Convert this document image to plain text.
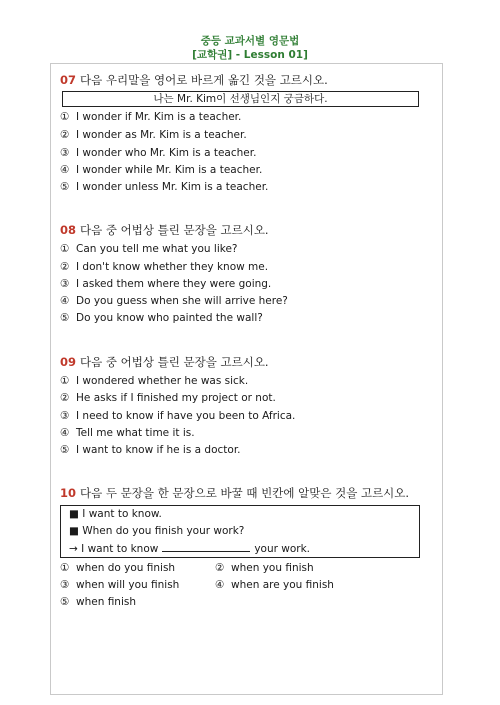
중등 교과서별 영문법
[교학권] - Lesson 01]
07 다음 우리말을 영어로 바르게 옮긴 것을 고르시오.
나는 Mr. Kim이 선생님인지 궁금하다.
① I wonder if Mr. Kim is a teacher.
② I wonder as Mr. Kim is a teacher.
③ I wonder who Mr. Kim is a teacher.
④ I wonder while Mr. Kim is a teacher.
⑤ I wonder unless Mr. Kim is a teacher.
08 다음 중 어법상 틀린 문장을 고르시오.
① Can you tell me what you like?
② I don't know whether they know me.
③ I asked them where they were going.
④ Do you guess when she will arrive here?
⑤ Do you know who painted the wall?
09 다음 중 어법상 틀린 문장을 고르시오.
① I wondered whether he was sick.
② He asks if I finished my project or not.
③ I need to know if have you been to Africa.
④ Tell me what time it is.
⑤ I want to know if he is a doctor.
10 다음 두 문장을 한 문장으로 바꿀 때 빈칸에 알맞은 것을 고르시오.
■ I want to know.
■ When do you finish your work?
→ I want to know	your work.
① when do you finish	② when you finish
③ when will you finish	④ when are you finish
⑤ when finish
